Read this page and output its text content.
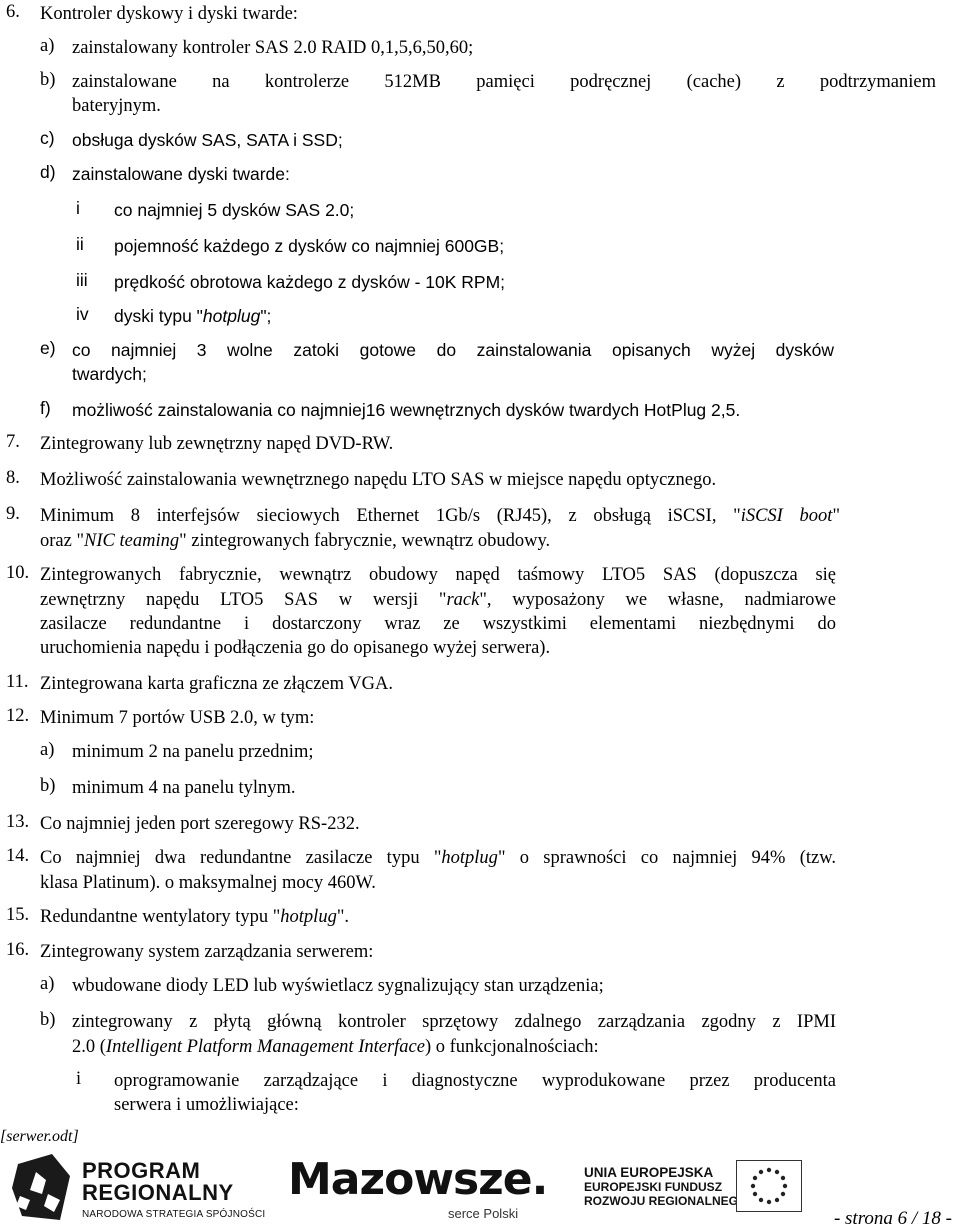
6. Kontroler dyskowy i dyski twarde:
a) zainstalowany kontroler SAS 2.0 RAID 0,1,5,6,50,60;
b) zainstalowane na kontrolerze 512MB pamięci podręcznej (cache) z podtrzymaniem
bateryjnym.
c) obsługa dysków SAS, SATA i SSD;
d) zainstalowane dyski twarde:
i co najmniej 5 dysków SAS 2.0;
ii pojemność każdego z dysków co najmniej 600GB;
iii prędkość obrotowa każdego z dysków - 10K RPM;
iv dyski typu "hotplug";
e) co najmniej 3 wolne zatoki gotowe do zainstalowania opisanych wyżej dysków
twardych;
f) możliwość zainstalowania co najmniej16 wewnętrznych dysków twardych HotPlug 2,5.
7. Zintegrowany lub zewnętrzny napęd DVD-RW.
8. Możliwość zainstalowania wewnętrznego napędu LTO SAS w miejsce napędu optycznego.
9. Minimum 8 interfejsów sieciowych Ethernet 1Gb/s (RJ45), z obsługą iSCSI, "iSCSI boot"
oraz "NIC teaming" zintegrowanych fabrycznie, wewnątrz obudowy.
10. Zintegrowanych fabrycznie, wewnątrz obudowy napęd taśmowy LTO5 SAS (dopuszcza się
zewnętrzny napędu LTO5 SAS w wersji "rack", wyposażony we własne, nadmiarowe
zasilacze redundantne i dostarczony wraz ze wszystkimi elementami niezbędnymi do
uruchomienia napędu i podłączenia go do opisanego wyżej serwera).
11. Zintegrowana karta graficzna ze złączem VGA.
12. Minimum 7 portów USB 2.0, w tym:
a) minimum 2 na panelu przednim;
b) minimum 4 na panelu tylnym.
13. Co najmniej jeden port szeregowy RS-232.
14. Co najmniej dwa redundantne zasilacze typu "hotplug" o sprawności co najmniej 94% (tzw.
klasa Platinum). o maksymalnej mocy 460W.
15. Redundantne wentylatory typu "hotplug".
16. Zintegrowany system zarządzania serwerem:
a) wbudowane diody LED lub wyświetlacz sygnalizujący stan urządzenia;
b) zintegrowany z płytą główną kontroler sprzętowy zdalnego zarządzania zgodny z IPMI
2.0 (Intelligent Platform Management Interface) o funkcjonalnościach:
i oprogramowanie zarządzające i diagnostyczne wyprodukowane przez producenta
serwera i umożliwiające:
[serwer.odt]
PROGRAM
REGIONALNY
NARODOWA STRATEGIA SPÓJNOŚCI
Mazowsze.
serce Polski
UNIA EUROPEJSKA
EUROPEJSKI FUNDUSZ
ROZWOJU REGIONALNEGO
- strona 6 / 18 -
